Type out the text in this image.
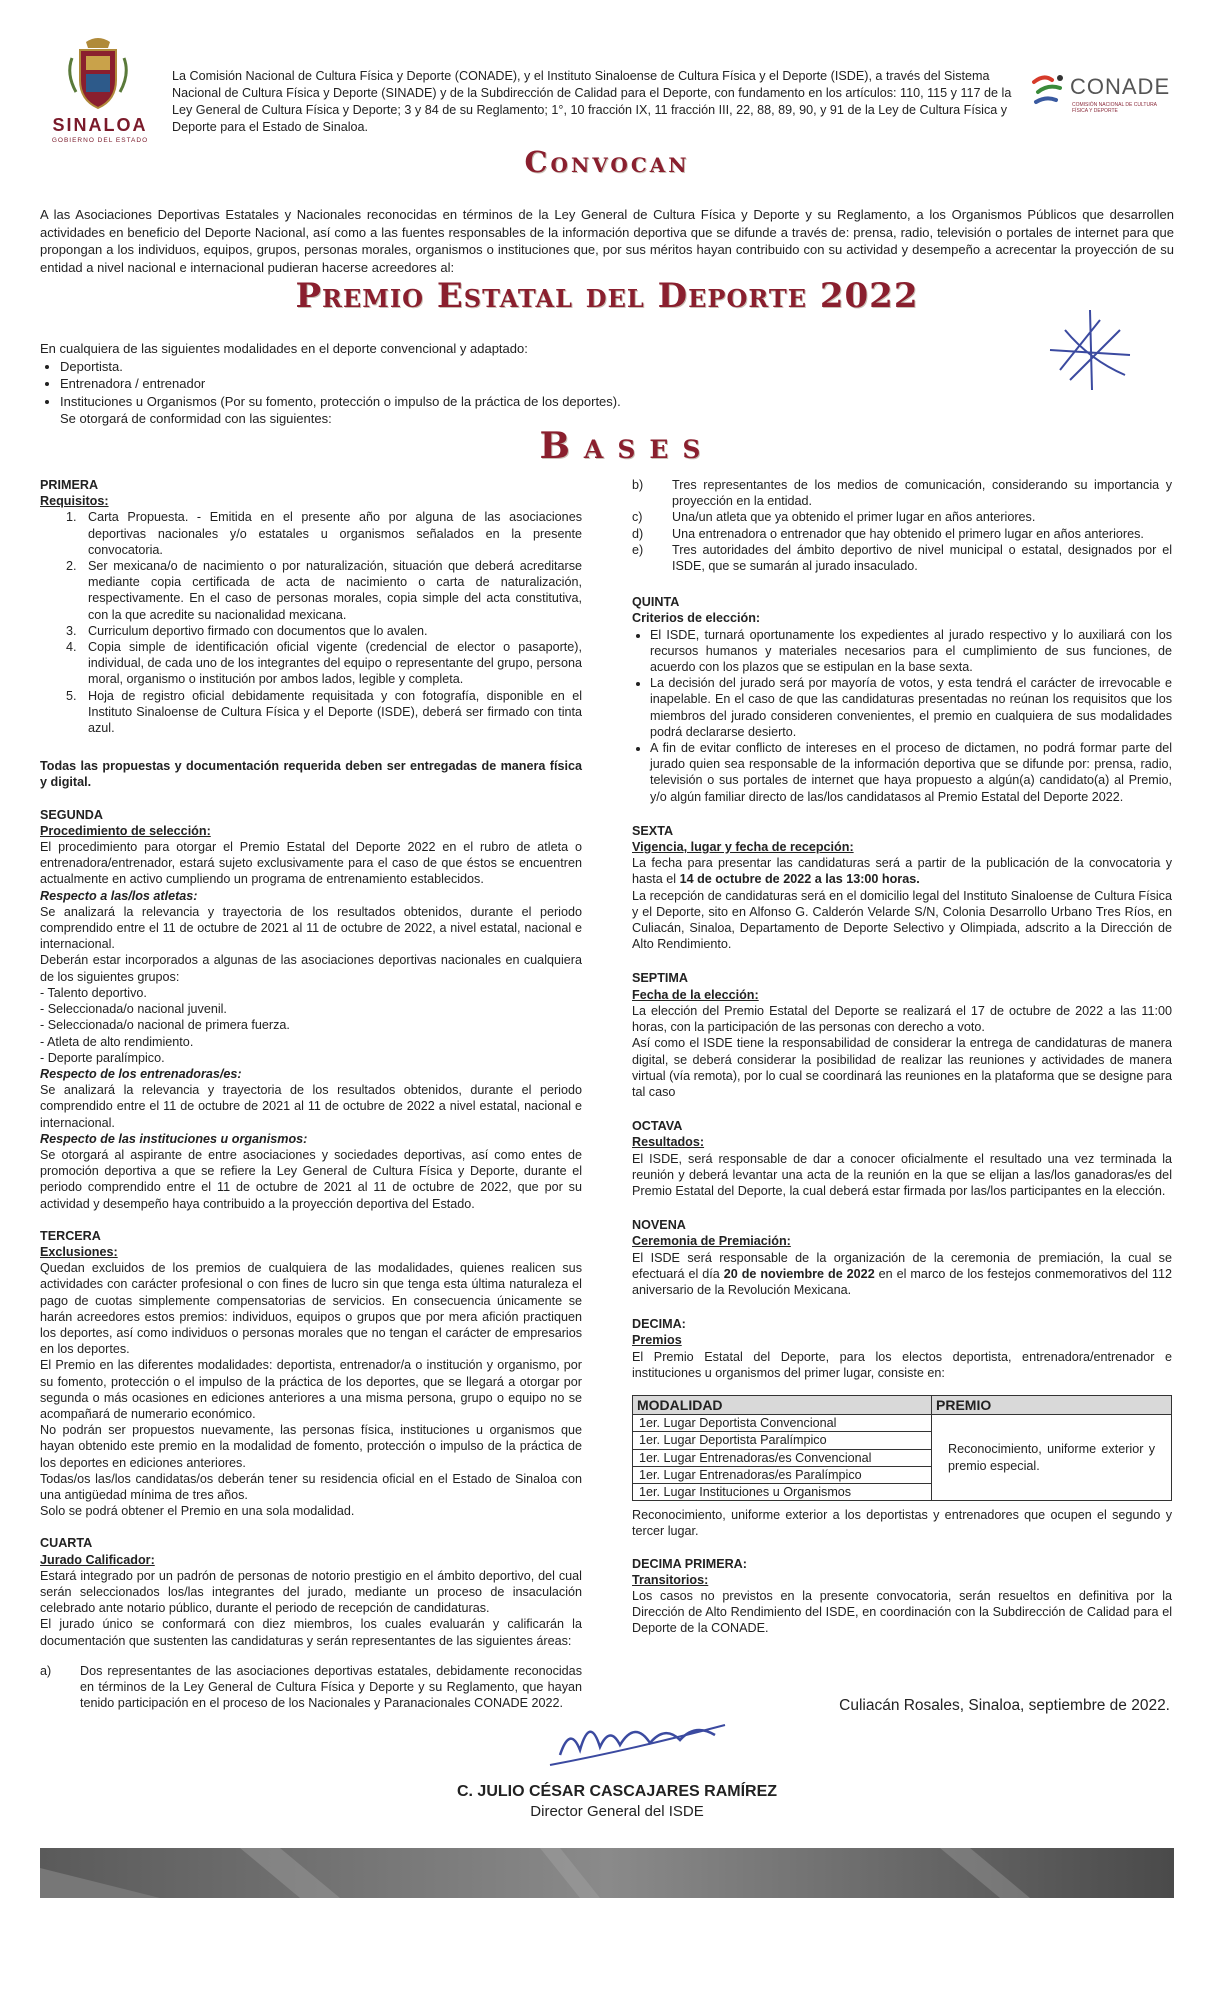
SINALOA
GOBIERNO DEL ESTADO
La Comisión Nacional de Cultura Física y Deporte (CONADE), y el Instituto Sinaloense de Cultura Física y el Deporte (ISDE), a través del Sistema Nacional de Cultura Física y Deporte (SINADE) y de la Subdirección de Calidad para el Deporte, con fundamento en los artículos: 110, 115 y 117 de la Ley General de Cultura Física y Deporte; 3 y 84 de su Reglamento; 1°, 10 fracción IX, 11 fracción III, 22, 88, 89, 90, y 91 de la Ley de Cultura Física y Deporte para el Estado de Sinaloa.
CONADE
COMISIÓN NACIONAL DE CULTURA FÍSICA Y DEPORTE
Convocan
A las Asociaciones Deportivas Estatales y Nacionales reconocidas en términos de la Ley General de Cultura Física y Deporte y su Reglamento, a los Organismos Públicos que desarrollen actividades en beneficio del Deporte Nacional, así como a las fuentes responsables de la información deportiva que se difunde a través de: prensa, radio, televisión o portales de internet para que propongan a los individuos, equipos, grupos, personas morales, organismos o instituciones que, por sus méritos hayan contribuido con su actividad y desempeño a acrecentar la proyección de su entidad a nivel nacional e internacional pudieran hacerse acreedores al:
Premio Estatal del Deporte 2022

En cualquiera de las siguientes modalidades en el deporte convencional y adaptado:

• Deportista.
• Entrenadora / entrenador
• Instituciones u Organismos (Por su fomento, protección o impulso de la práctica de los deportes).

Se otorgará de conformidad con las siguientes:

Bases
PRIMERA
Requisitos:
1. Carta Propuesta. - Emitida en el presente año por alguna de las asociaciones deportivas nacionales y/o estatales u organismos señalados en la presente convocatoria.
2. Ser mexicana/o de nacimiento o por naturalización, situación que deberá acreditarse mediante copia certificada de acta de nacimiento o carta de naturalización, respectivamente. En el caso de personas morales, copia simple del acta constitutiva, con la que acredite su nacionalidad mexicana.
3. Curriculum deportivo firmado con documentos que lo avalen.
4. Copia simple de identificación oficial vigente (credencial de elector o pasaporte), individual, de cada uno de los integrantes del equipo o representante del grupo, persona moral, organismo o institución por ambos lados, legible y completa.
5. Hoja de registro oficial debidamente requisitada y con fotografía, disponible en el Instituto Sinaloense de Cultura Física y el Deporte (ISDE), deberá ser firmado con tinta azul.

Todas las propuestas y documentación requerida deben ser entregadas de manera física y digital.

SEGUNDA
Procedimiento de selección:

El procedimiento para otorgar el Premio Estatal del Deporte 2022 en el rubro de atleta o entrenadora/entrenador, estará sujeto exclusivamente para el caso de que éstos se encuentren actualmente en activo cumpliendo un programa de entrenamiento establecidos.

Respecto a las/los atletas:

Se analizará la relevancia y trayectoria de los resultados obtenidos, durante el periodo comprendido entre el 11 de octubre de 2021 al 11 de octubre de 2022, a nivel estatal, nacional e internacional.

Deberán estar incorporados a algunas de las asociaciones deportivas nacionales en cualquiera de los siguientes grupos:

- Talento deportivo.

- Seleccionada/o nacional juvenil.

- Seleccionada/o nacional de primera fuerza.

- Atleta de alto rendimiento.

- Deporte paralímpico.

Respecto de los entrenadoras/es:

Se analizará la relevancia y trayectoria de los resultados obtenidos, durante el periodo comprendido entre el 11 de octubre de 2021 al 11 de octubre de 2022 a nivel estatal, nacional e internacional.

Respecto de las instituciones u organismos:

Se otorgará al aspirante de entre asociaciones y sociedades deportivas, así como entes de promoción deportiva a que se refiere la Ley General de Cultura Física y Deporte, durante el periodo comprendido entre el 11 de octubre de 2021 al 11 de octubre de 2022, que por su actividad y desempeño haya contribuido a la proyección deportiva del Estado.

TERCERA
Exclusiones:

Quedan excluidos de los premios de cualquiera de las modalidades, quienes realicen sus actividades con carácter profesional o con fines de lucro sin que tenga esta última naturaleza el pago de cuotas simplemente compensatorias de servicios. En consecuencia únicamente se harán acreedores estos premios: individuos, equipos o grupos que por mera afición practiquen los deportes, así como individuos o personas morales que no tengan el carácter de empresarios en los deportes.

El Premio en las diferentes modalidades: deportista, entrenador/a o institución y organismo, por su fomento, protección o el impulso de la práctica de los deportes, que se llegará a otorgar por segunda o más ocasiones en ediciones anteriores a una misma persona, grupo o equipo no se acompañará de numerario económico.

No podrán ser propuestos nuevamente, las personas física, instituciones u organismos que hayan obtenido este premio en la modalidad de fomento, protección o impulso de la práctica de los deportes en ediciones anteriores.

Todas/os las/los candidatas/os deberán tener su residencia oficial en el Estado de Sinaloa con una antigüedad mínima de tres años.

Solo se podrá obtener el Premio en una sola modalidad.

CUARTA
Jurado Calificador:

Estará integrado por un padrón de personas de notorio prestigio en el ámbito deportivo, del cual serán seleccionados los/las integrantes del jurado, mediante un proceso de insaculación celebrado ante notario público, durante el periodo de recepción de candidaturas.

El jurado único se conformará con diez miembros, los cuales evaluarán y calificarán la documentación que sustenten las candidaturas y serán representantes de las siguientes áreas:

a)	Dos representantes de las asociaciones deportivas estatales, debidamente reconocidas en términos de la Ley General de Cultura Física y Deporte y su Reglamento, que hayan tenido participación en el proceso de los Nacionales y Paranacionales CONADE 2022.
b)	Tres representantes de los medios de comunicación, considerando su importancia y proyección en la entidad.
c)	Una/un atleta que ya obtenido el primer lugar en años anteriores.
d)	Una entrenadora o entrenador que hay obtenido el primero lugar en años anteriores.
e)	Tres autoridades del ámbito deportivo de nivel municipal o estatal, designados por el ISDE, que se sumarán al jurado insaculado.
QUINTA
Criterios de elección:
• El ISDE, turnará oportunamente los expedientes al jurado respectivo y lo auxiliará con los recursos humanos y materiales necesarios para el cumplimiento de sus funciones, de acuerdo con los plazos que se estipulan en la base sexta.
• La decisión del jurado será por mayoría de votos, y esta tendrá el carácter de irrevocable e inapelable. En el caso de que las candidaturas presentadas no reúnan los requisitos que los miembros del jurado consideren convenientes, el premio en cualquiera de sus modalidades podrá declararse desierto.
• A fin de evitar conflicto de intereses en el proceso de dictamen, no podrá formar parte del jurado quien sea responsable de la información deportiva que se difunde por: prensa, radio, televisión o sus portales de internet que haya propuesto a algún(a) candidato(a) al Premio, y/o algún familiar directo de las/los candidatasos al Premio Estatal del Deporte 2022.
SEXTA
Vigencia, lugar y fecha de recepción:

La fecha para presentar las candidaturas será a partir de la publicación de la convocatoria y hasta el 14 de octubre de 2022 a las 13:00 horas.

La recepción de candidaturas será en el domicilio legal del Instituto Sinaloense de Cultura Física y el Deporte, sito en Alfonso G. Calderón Velarde S/N, Colonia Desarrollo Urbano Tres Ríos, en Culiacán, Sinaloa, Departamento de Deporte Selectivo y Olimpiada, adscrito a la Dirección de Alto Rendimiento.

SEPTIMA
Fecha de la elección:

La elección del Premio Estatal del Deporte se realizará el 17 de octubre de 2022 a las 11:00 horas, con la participación de las personas con derecho a voto.

Así como el ISDE tiene la responsabilidad de considerar la entrega de candidaturas de manera digital, se deberá considerar la posibilidad de realizar las reuniones y actividades de manera virtual (vía remota), por lo cual se coordinará las reuniones en la plataforma que se designe para tal caso

OCTAVA
Resultados:

El ISDE, será responsable de dar a conocer oficialmente el resultado una vez terminada la reunión y deberá levantar una acta de la reunión en la que se elijan a las/los ganadoras/es del Premio Estatal del Deporte, la cual deberá estar firmada por las/los participantes en la elección.

NOVENA
Ceremonia de Premiación:

El ISDE será responsable de la organización de la ceremonia de premiación, la cual se efectuará el día 20 de noviembre de 2022 en el marco de los festejos conmemorativos del 112 aniversario de la Revolución Mexicana.

DECIMA:
Premios

El Premio Estatal del Deporte, para los electos deportista, entrenadora/entrenador e instituciones u organismos del primer lugar, consiste en:

MODALIDAD	PREMIO
1er. Lugar Deportista Convencional	Reconocimiento, uniforme exterior y premio especial.
1er. Lugar Deportista Paralímpico	
1er. Lugar Entrenadoras/es Convencional	
1er. Lugar Entrenadoras/es Paralímpico	
1er. Lugar Instituciones u Organismos	

Reconocimiento, uniforme exterior a los deportistas y entrenadores que ocupen el segundo y tercer lugar.

DECIMA PRIMERA:
Transitorios:

Los casos no previstos en la presente convocatoria, serán resueltos en definitiva por la Dirección de Alto Rendimiento del ISDE, en coordinación con la Subdirección de Calidad para el Deporte de la CONADE.

Culiacán Rosales, Sinaloa, septiembre de 2022.
C. JULIO CÉSAR CASCAJARES RAMÍREZ
Director General del ISDE
